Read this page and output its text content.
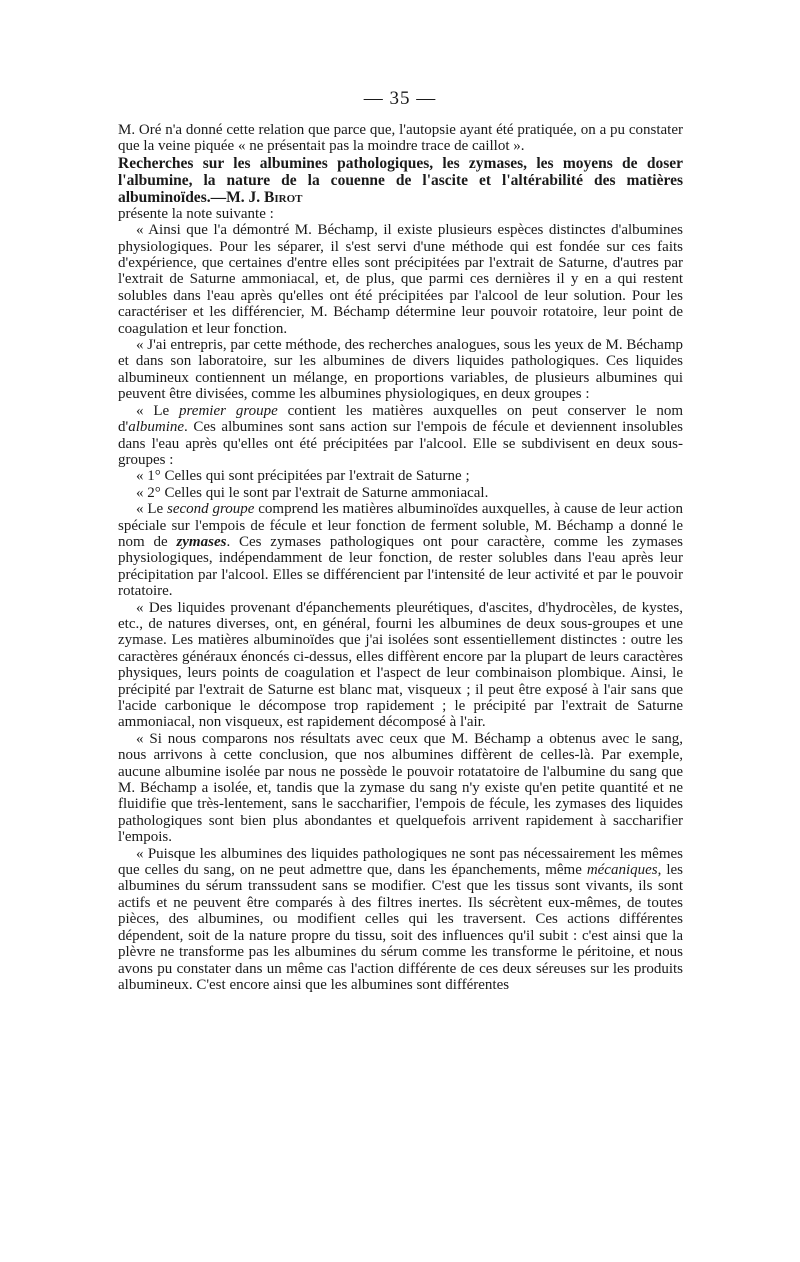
— 35 —

M. Oré n'a donné cette relation que parce que, l'autopsie ayant été pratiquée, on a pu constater que la veine piquée « ne présentait pas la moindre trace de caillot ».

Recherches sur les albumines pathologiques, les zymases, les moyens de doser l'albumine, la nature de la couenne de l'ascite et l'altérabilité des matières albuminoïdes.—M. J. Birot

présente la note suivante :

« Ainsi que l'a démontré M. Béchamp, il existe plusieurs espèces distinctes d'albumines physiologiques. Pour les séparer, il s'est servi d'une méthode qui est fondée sur ces faits d'expérience, que certaines d'entre elles sont précipitées par l'extrait de Saturne, d'autres par l'extrait de Saturne ammoniacal, et, de plus, que parmi ces dernières il y en a qui restent solubles dans l'eau après qu'elles ont été précipitées par l'alcool de leur solution. Pour les caractériser et les différencier, M. Béchamp détermine leur pouvoir rotatoire, leur point de coagulation et leur fonction.

« J'ai entrepris, par cette méthode, des recherches analogues, sous les yeux de M. Béchamp et dans son laboratoire, sur les albumines de divers liquides pathologiques. Ces liquides albumineux contiennent un mélange, en proportions variables, de plusieurs albumines qui peuvent être divisées, comme les albumines physiologiques, en deux groupes :

« Le premier groupe contient les matières auxquelles on peut conserver le nom d'albumine. Ces albumines sont sans action sur l'empois de fécule et deviennent insolubles dans l'eau après qu'elles ont été précipitées par l'alcool. Elle se subdivisent en deux sous-groupes :

« 1° Celles qui sont précipitées par l'extrait de Saturne ;

« 2° Celles qui le sont par l'extrait de Saturne ammoniacal.

« Le second groupe comprend les matières albuminoïdes auxquelles, à cause de leur action spéciale sur l'empois de fécule et leur fonction de ferment soluble, M. Béchamp a donné le nom de zymases. Ces zymases pathologiques ont pour caractère, comme les zymases physiologiques, indépendamment de leur fonction, de rester solubles dans l'eau après leur précipitation par l'alcool. Elles se différencient par l'intensité de leur activité et par le pouvoir rotatoire.

« Des liquides provenant d'épanchements pleurétiques, d'ascites, d'hydrocèles, de kystes, etc., de natures diverses, ont, en général, fourni les albumines de deux sous-groupes et une zymase. Les matières albuminoïdes que j'ai isolées sont essentiellement distinctes : outre les caractères généraux énoncés ci-dessus, elles diffèrent encore par la plupart de leurs caractères physiques, leurs points de coagulation et l'aspect de leur combinaison plombique. Ainsi, le précipité par l'extrait de Saturne est blanc mat, visqueux ; il peut être exposé à l'air sans que l'acide carbonique le décompose trop rapidement ; le précipité par l'extrait de Saturne ammoniacal, non visqueux, est rapidement décomposé à l'air.

« Si nous comparons nos résultats avec ceux que M. Béchamp a obtenus avec le sang, nous arrivons à cette conclusion, que nos albumines diffèrent de celles-là. Par exemple, aucune albumine isolée par nous ne possède le pouvoir rotatatoire de l'albumine du sang que M. Béchamp a isolée, et, tandis que la zymase du sang n'y existe qu'en petite quantité et ne fluidifie que très-lentement, sans le saccharifier, l'empois de fécule, les zymases des liquides pathologiques sont bien plus abondantes et quelquefois arrivent rapidement à saccharifier l'empois.

« Puisque les albumines des liquides pathologiques ne sont pas nécessairement les mêmes que celles du sang, on ne peut admettre que, dans les épanchements, même mécaniques, les albumines du sérum transsudent sans se modifier. C'est que les tissus sont vivants, ils sont actifs et ne peuvent être comparés à des filtres inertes. Ils sécrètent eux-mêmes, de toutes pièces, des albumines, ou modifient celles qui les traversent. Ces actions différentes dépendent, soit de la nature propre du tissu, soit des influences qu'il subit : c'est ainsi que la plèvre ne transforme pas les albumines du sérum comme les transforme le péritoine, et nous avons pu constater dans un même cas l'action différente de ces deux séreuses sur les produits albumineux. C'est encore ainsi que les albumines sont différentes
